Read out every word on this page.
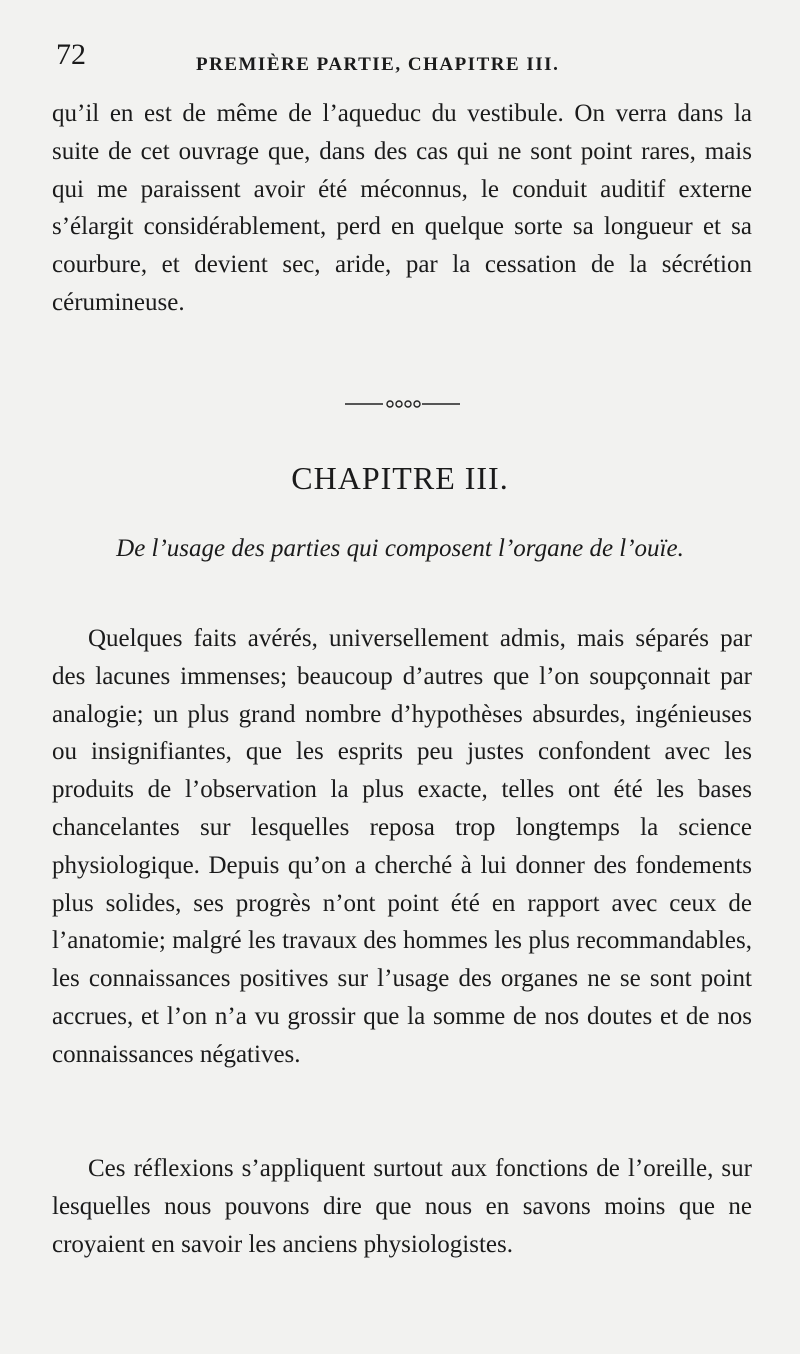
72	PREMIÈRE PARTIE, CHAPITRE III.

qu’il en est de même de l’aqueduc du vestibule. On verra dans la suite de cet ouvrage que, dans des cas qui ne sont point rares, mais qui me paraissent avoir été méconnus, le conduit auditif externe s’élargit considérablement, perd en quelque sorte sa longueur et sa courbure, et devient sec, aride, par la cessation de la sécrétion cérumineuse.

CHAPITRE III.
De l’usage des parties qui composent l’organe de l’ouïe.

Quelques faits avérés, universellement admis, mais séparés par des lacunes immenses; beaucoup d’autres que l’on soupçonnait par analogie; un plus grand nombre d’hypothèses absurdes, ingénieuses ou insignifiantes, que les esprits peu justes confondent avec les produits de l’observation la plus exacte, telles ont été les bases chancelantes sur lesquelles reposa trop longtemps la science physiologique. Depuis qu’on a cherché à lui donner des fondements plus solides, ses progrès n’ont point été en rapport avec ceux de l’anatomie; malgré les travaux des hommes les plus recommandables, les connaissances positives sur l’usage des organes ne se sont point accrues, et l’on n’a vu grossir que la somme de nos doutes et de nos connaissances négatives.

Ces réflexions s’appliquent surtout aux fonctions de l’oreille, sur lesquelles nous pouvons dire que nous en savons moins que ne croyaient en savoir les anciens physiologistes.
